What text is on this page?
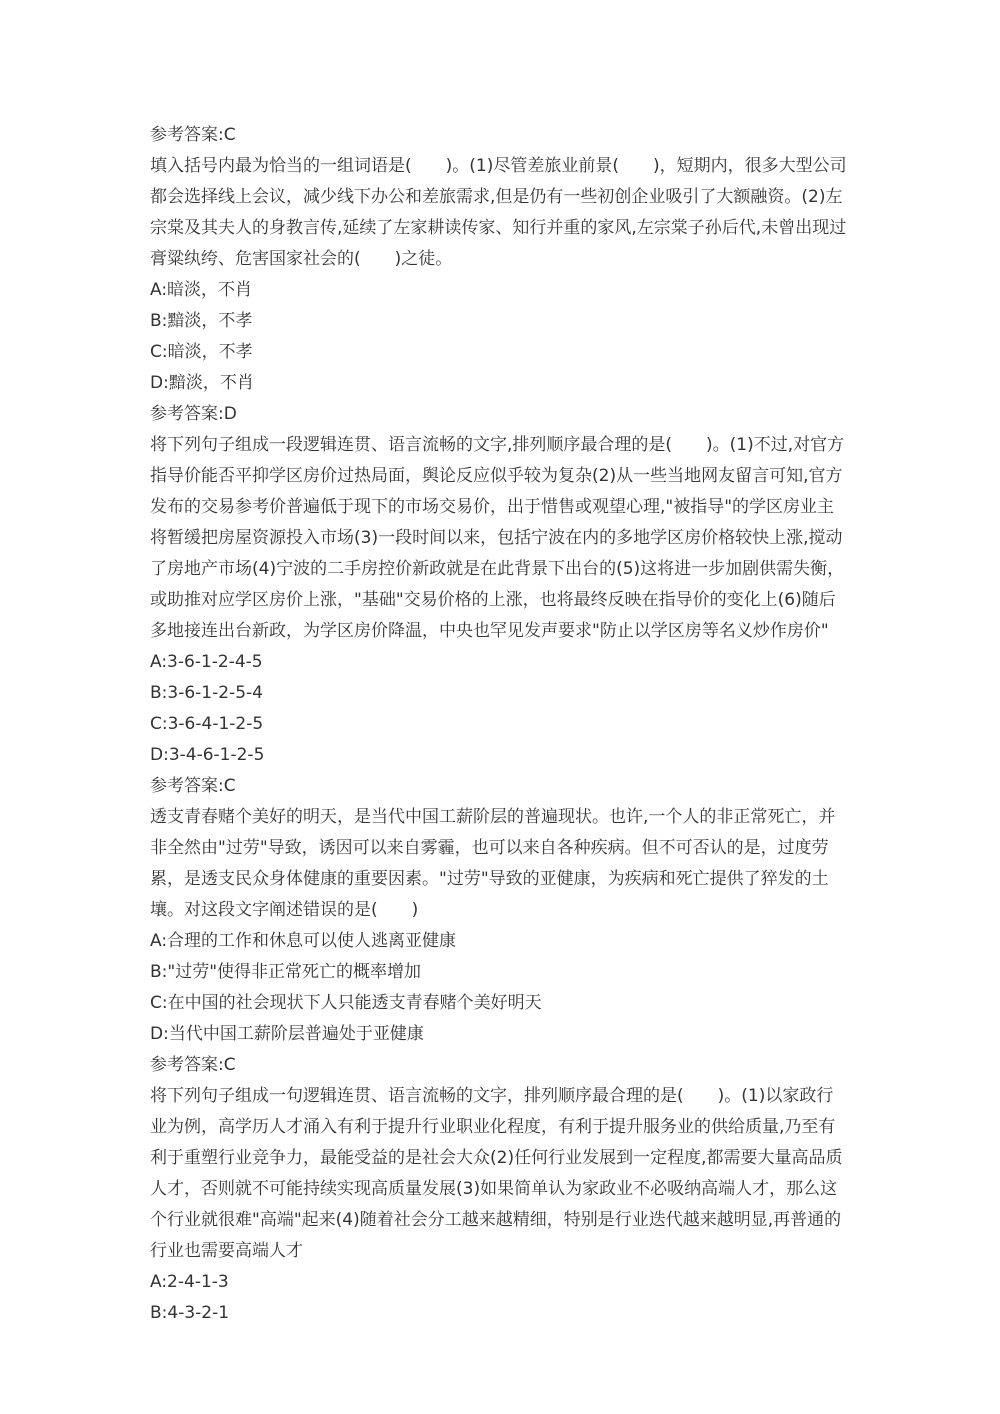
参考答案:C

填入括号内最为恰当的一组词语是(　　)。(1)尽管差旅业前景(　　)，短期内，很多大型公司都会选择线上会议，减少线下办公和差旅需求,但是仍有一些初创企业吸引了大额融资。(2)左宗棠及其夫人的身教言传,延续了左家耕读传家、知行并重的家风,左宗棠子孙后代,未曾出现过膏粱纨绔、危害国家社会的(　　)之徒。

A:暗淡，不肖

B:黯淡，不孝

C:暗淡，不孝

D:黯淡，不肖

参考答案:D

将下列句子组成一段逻辑连贯、语言流畅的文字,排列顺序最合理的是(　　)。(1)不过,对官方指导价能否平抑学区房价过热局面，舆论反应似乎较为复杂(2)从一些当地网友留言可知,官方发布的交易参考价普遍低于现下的市场交易价，出于惜售或观望心理,"被指导"的学区房业主将暂缓把房屋资源投入市场(3)一段时间以来，包括宁波在内的多地学区房价格较快上涨,搅动了房地产市场(4)宁波的二手房控价新政就是在此背景下出台的(5)这将进一步加剧供需失衡，或助推对应学区房价上涨，"基础"交易价格的上涨，也将最终反映在指导价的变化上(6)随后多地接连出台新政，为学区房价降温，中央也罕见发声要求"防止以学区房等名义炒作房价"

A:3-6-1-2-4-5

B:3-6-1-2-5-4

C:3-6-4-1-2-5

D:3-4-6-1-2-5

参考答案:C

透支青春赌个美好的明天，是当代中国工薪阶层的普遍现状。也许,一个人的非正常死亡，并非全然由"过劳"导致，诱因可以来自雾霾，也可以来自各种疾病。但不可否认的是，过度劳累，是透支民众身体健康的重要因素。"过劳"导致的亚健康，为疾病和死亡提供了猝发的土壤。对这段文字阐述错误的是(　　)

A:合理的工作和休息可以使人逃离亚健康

B:"过劳"使得非正常死亡的概率增加

C:在中国的社会现状下人只能透支青春赌个美好明天

D:当代中国工薪阶层普遍处于亚健康

参考答案:C

将下列句子组成一句逻辑连贯、语言流畅的文字，排列顺序最合理的是(　　)。(1)以家政行业为例，高学历人才涌入有利于提升行业职业化程度，有利于提升服务业的供给质量,乃至有利于重塑行业竞争力，最能受益的是社会大众(2)任何行业发展到一定程度,都需要大量高品质人才，否则就不可能持续实现高质量发展(3)如果简单认为家政业不必吸纳高端人才，那么这个行业就很难"高端"起来(4)随着社会分工越来越精细，特别是行业迭代越来越明显,再普通的行业也需要高端人才

A:2-4-1-3

B:4-3-2-1
